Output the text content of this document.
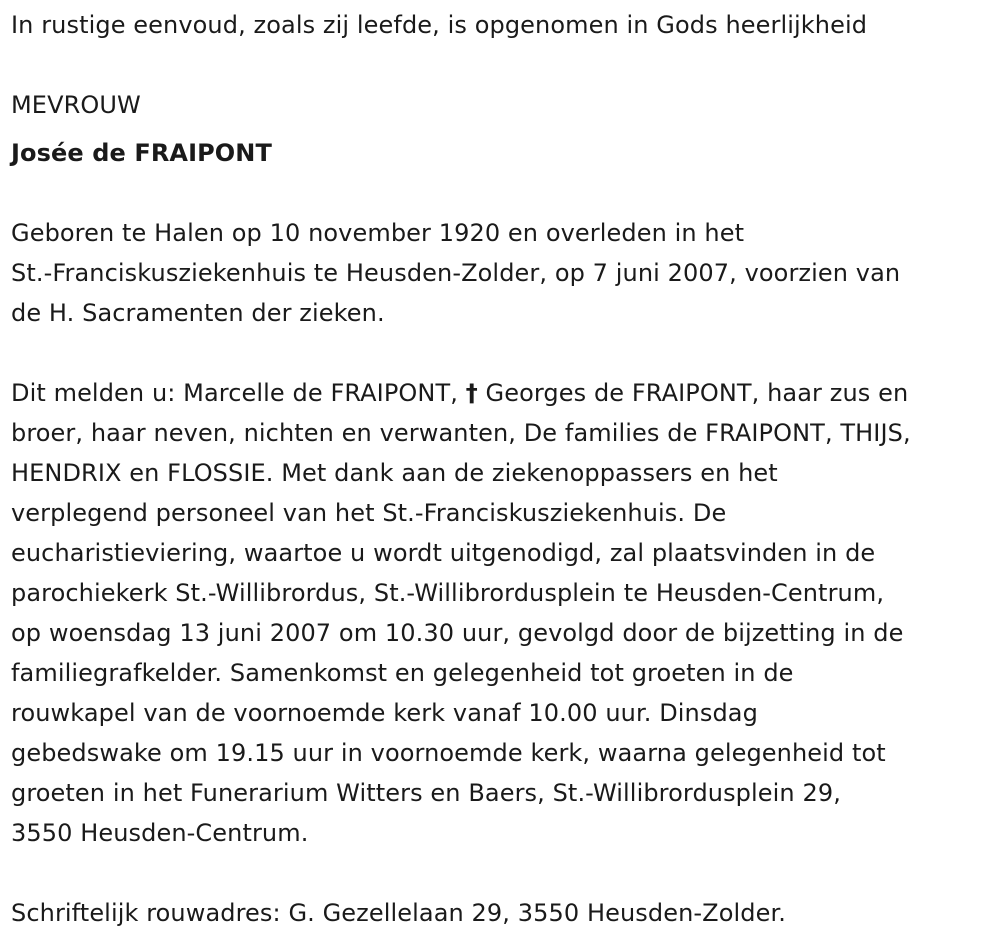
In rustige eenvoud, zoals zij leefde, is opgenomen in Gods heerlijkheid
MEVROUW
Josée de FRAIPONT
Geboren te Halen op 10 november 1920 en overleden in het
St.-Franciskusziekenhuis te Heusden-Zolder, op 7 juni 2007, voorzien van
de H. Sacramenten der zieken.
Dit melden u: Marcelle de FRAIPONT, † Georges de FRAIPONT, haar zus en
broer, haar neven, nichten en verwanten, De families de FRAIPONT, THIJS,
HENDRIX en FLOSSIE. Met dank aan de ziekenoppassers en het
verplegend personeel van het St.-Franciskusziekenhuis. De
eucharistieviering, waartoe u wordt uitgenodigd, zal plaatsvinden in de
parochiekerk St.-Willibrordus, St.-Willibrordusplein te Heusden-Centrum,
op woensdag 13 juni 2007 om 10.30 uur, gevolgd door de bijzetting in de
familiegrafkelder. Samenkomst en gelegenheid tot groeten in de
rouwkapel van de voornoemde kerk vanaf 10.00 uur. Dinsdag
gebedswake om 19.15 uur in voornoemde kerk, waarna gelegenheid tot
groeten in het Funerarium Witters en Baers, St.-Willibrordusplein 29,
3550 Heusden-Centrum.
Schriftelijk rouwadres: G. Gezellelaan 29, 3550 Heusden-Zolder.
